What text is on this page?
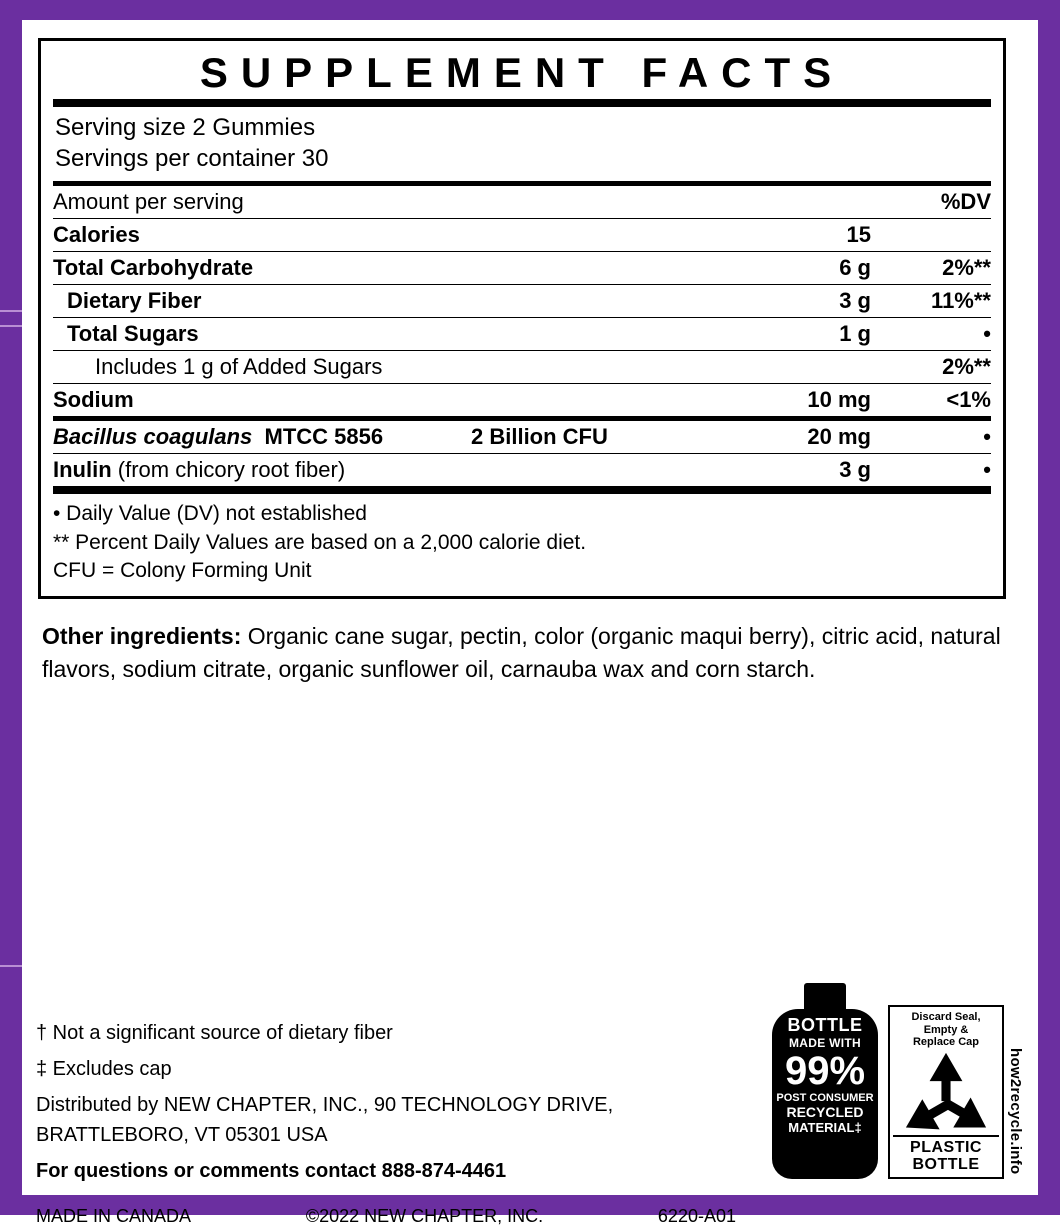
SUPPLEMENT FACTS
Serving size 2 Gummies
Servings per container 30
Amount per serving			%DV
Calories		15	
Total Carbohydrate		6 g	2%**
Dietary Fiber		3 g	11%**
Total Sugars		1 g	•
Includes 1 g of Added Sugars			2%**
Sodium		10 mg	<1%
Bacillus coagulans MTCC 5856	2 Billion CFU	20 mg	•
Inulin (from chicory root fiber)		3 g	•
• Daily Value (DV) not established
** Percent Daily Values are based on a 2,000 calorie diet.
CFU = Colony Forming Unit
Other ingredients: Organic cane sugar, pectin, color (organic maqui berry), citric acid, natural flavors, sodium citrate, organic sunflower oil, carnauba wax and corn starch.
† Not a significant source of dietary fiber
‡ Excludes cap
Distributed by NEW CHAPTER, INC., 90 TECHNOLOGY DRIVE, BRATTLEBORO, VT 05301 USA
For questions or comments contact 888-874-4461
MADE IN CANADA	©2022 NEW CHAPTER, INC.	6220-A01
BOTTLE
MADE WITH
99%
POST CONSUMER
RECYCLED
MATERIAL‡
Discard Seal,
Empty &
Replace Cap
PLASTIC
BOTTLE	how2recycle.info
